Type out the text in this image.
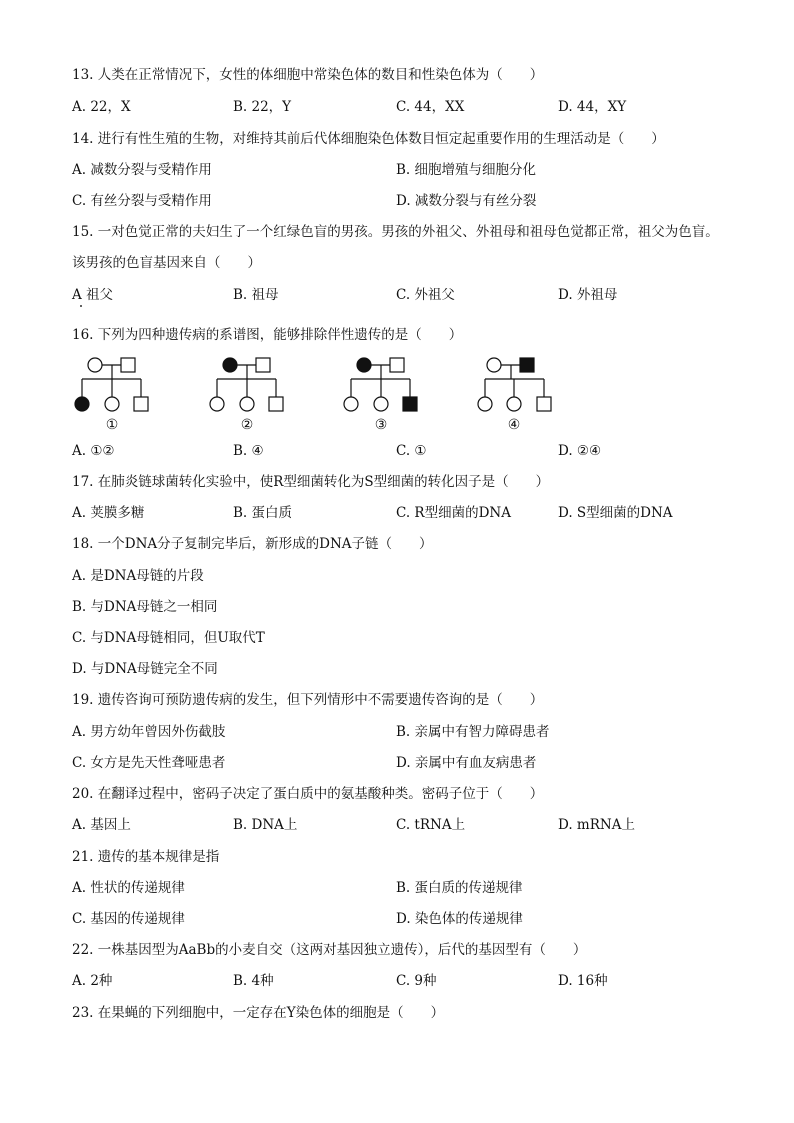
13. 人类在正常情况下，女性的体细胞中常染色体的数目和性染色体为（　　）
A. 22，X	B. 22，Y	C. 44，XX	D. 44，XY
14. 进行有性生殖的生物，对维持其前后代体细胞染色体数目恒定起重要作用的生理活动是（　　）
A. 减数分裂与受精作用	B. 细胞增殖与细胞分化
C. 有丝分裂与受精作用	D. 减数分裂与有丝分裂
15. 一对色觉正常的夫妇生了一个红绿色盲的男孩。男孩的外祖父、外祖母和祖母色觉都正常，祖父为色盲。该男孩的色盲基因来自（　　）
A 祖父	B. 祖母	C. 外祖父	D. 外祖母
16. 下列为四种遗传病的系谱图，能够排除伴性遗传的是（　　）
①	②	③	④
A. ①②	B. ④	C. ①	D. ②④
17. 在肺炎链球菌转化实验中，使R型细菌转化为S型细菌的转化因子是（　　）
A. 荚膜多糖	B. 蛋白质	C. R型细菌的DNA	D. S型细菌的DNA
18. 一个DNA分子复制完毕后，新形成的DNA子链（　　）
A. 是DNA母链的片段
B. 与DNA母链之一相同
C. 与DNA母链相同，但U取代T
D. 与DNA母链完全不同
19. 遗传咨询可预防遗传病的发生，但下列情形中不需要遗传咨询的是（　　）
A. 男方幼年曾因外伤截肢	B. 亲属中有智力障碍患者
C. 女方是先天性聋哑患者	D. 亲属中有血友病患者
20. 在翻译过程中，密码子决定了蛋白质中的氨基酸种类。密码子位于（　　）
A. 基因上	B. DNA上	C. tRNA上	D. mRNA上
21. 遗传的基本规律是指
A. 性状的传递规律	B. 蛋白质的传递规律
C. 基因的传递规律	D. 染色体的传递规律
22. 一株基因型为AaBb的小麦自交（这两对基因独立遗传），后代的基因型有（　　）
A. 2种	B. 4种	C. 9种	D. 16种
23. 在果蝇的下列细胞中，一定存在Y染色体的细胞是（　　）
